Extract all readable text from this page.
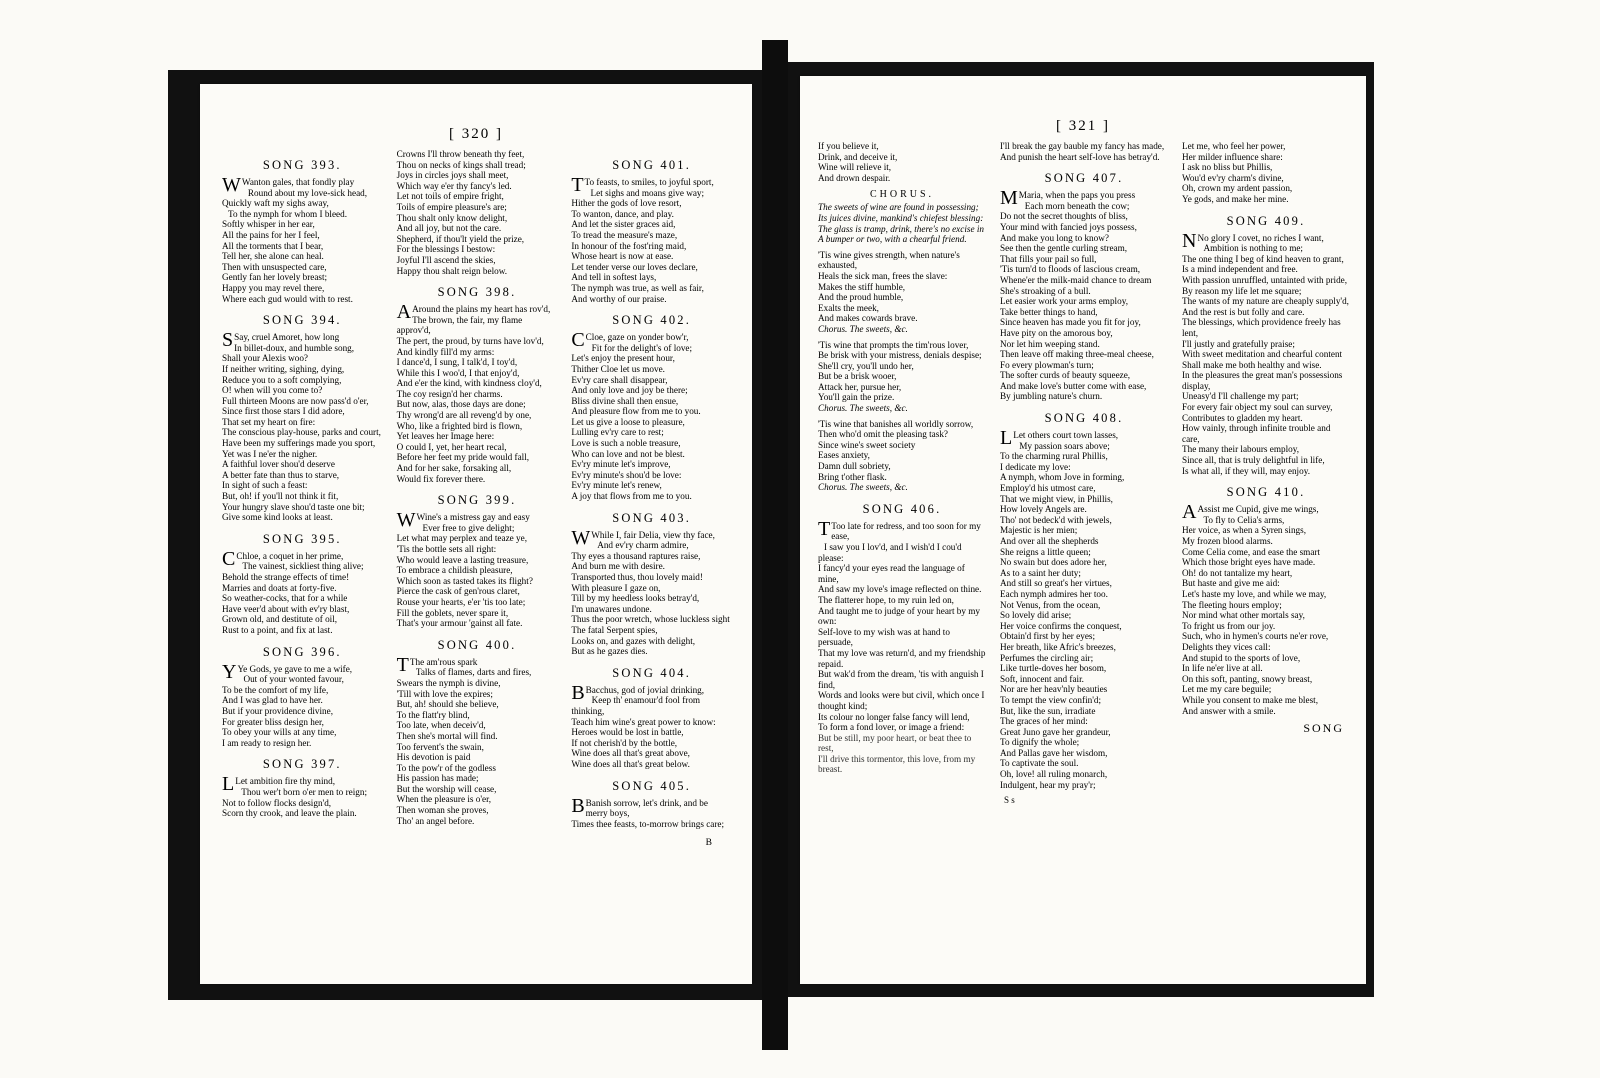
[ 320 ]
SONG 393.

W Wanton gales, that fondly play

Round about my love-sick head,

Quickly waft my sighs away,

To the nymph for whom I bleed.

Softly whisper in her ear,

All the pains for her I feel,

All the torments that I bear,

Tell her, she alone can heal.

Then with unsuspected care,

Gently fan her lovely breast;

Happy you may revel there,

Where each gud would with to rest.

SONG 394.

S Say, cruel Amoret, how long

In billet-doux, and humble song,

Shall your Alexis woo?

If neither writing, sighing, dying,

Reduce you to a soft complying,

O! when will you come to?

Full thirteen Moons are now pass'd o'er,

Since first those stars I did adore,

That set my heart on fire:

The conscious play-house, parks and court,

Have been my sufferings made you sport,

Yet was I ne'er the nigher.

A faithful lover shou'd deserve

A better fate than thus to starve,

In sight of such a feast:

But, oh! if you'll not think it fit,

Your hungry slave shou'd taste one bit;

Give some kind looks at least.

SONG 395.

C Chloe, a coquet in her prime,

The vainest, sickliest thing alive;

Behold the strange effects of time!

Marries and doats at forty-five.

So weather-cocks, that for a while

Have veer'd about with ev'ry blast,

Grown old, and destitute of oil,

Rust to a point, and fix at last.

SONG 396.

Y Ye Gods, ye gave to me a wife,

Out of your wonted favour,

To be the comfort of my life,

And I was glad to have her.

But if your providence divine,

For greater bliss design her,

To obey your wills at any time,

I am ready to resign her.

SONG 397.

L Let ambition fire thy mind,

Thou wer't born o'er men to reign;

Not to follow flocks design'd,

Scorn thy crook, and leave the plain.

Crowns I'll throw beneath thy feet,

Thou on necks of kings shall tread;

Joys in circles joys shall meet,

Which way e'er thy fancy's led.

Let not toils of empire fright,

Toils of empire pleasure's are;

Thou shalt only know delight,

And all joy, but not the care.

Shepherd, if thou'lt yield the prize,

For the blessings I bestow:

Joyful I'll ascend the skies,

Happy thou shalt reign below.

SONG 398.

A Around the plains my heart has rov'd,

The brown, the fair, my flame approv'd,

The pert, the proud, by turns have lov'd,

And kindly fill'd my arms:

I dance'd, I sung, I talk'd, I toy'd,

While this I woo'd, I that enjoy'd,

And e'er the kind, with kindness cloy'd,

The coy resign'd her charms.

But now, alas, those days are done;

Thy wrong'd are all reveng'd by one,

Who, like a frighted bird is flown,

Yet leaves her Image here:

O could I, yet, her heart recal,

Before her feet my pride would fall,

And for her sake, forsaking all,

Would fix forever there.

SONG 399.

W Wine's a mistress gay and easy

Ever free to give delight;

Let what may perplex and teaze ye,

'Tis the bottle sets all right:

Who would leave a lasting treasure,

To embrace a childish pleasure,

Which soon as tasted takes its flight?

Pierce the cask of gen'rous claret,

Rouse your hearts, e'er 'tis too late;

Fill the goblets, never spare it,

That's your armour 'gainst all fate.

SONG 400.

T The am'rous spark

Talks of flames, darts and fires,

Swears the nymph is divine,

'Till with love the expires;

But, ah! should she believe,

To the flatt'ry blind,

Too late, when deceiv'd,

Then she's mortal will find.

Too fervent's the swain,

His devotion is paid

To the pow'r of the godless

His passion has made;

But the worship will cease,

When the pleasure is o'er,

Then woman she proves,

Tho' an angel before.

SONG 401.

T To feasts, to smiles, to joyful sport,

Let sighs and moans give way;

Hither the gods of love resort,

To wanton, dance, and play.

And let the sister graces aid,

To tread the measure's maze,

In honour of the fost'ring maid,

Whose heart is now at ease.

Let tender verse our loves declare,

And tell in softest lays,

The nymph was true, as well as fair,

And worthy of our praise.

SONG 402.

C Cloe, gaze on yonder bow'r,

Fit for the delight's of love;

Let's enjoy the present hour,

Thither Cloe let us move.

Ev'ry care shall disappear,

And only love and joy be there;

Bliss divine shall then ensue,

And pleasure flow from me to you.

Let us give a loose to pleasure,

Lulling ev'ry care to rest;

Love is such a noble treasure,

Who can love and not be blest.

Ev'ry minute let's improve,

Ev'ry minute's shou'd be love:

Ev'ry minute let's renew,

A joy that flows from me to you.

SONG 403.

W While I, fair Delia, view thy face,

And ev'ry charm admire,

Thy eyes a thousand raptures raise,

And burn me with desire.

Transported thus, thou lovely maid!

With pleasure I gaze on,

Till by my heedless looks betray'd,

I'm unawares undone.

Thus the poor wretch, whose luckless sight

The fatal Serpent spies,

Looks on, and gazes with delight,

But as he gazes dies.

SONG 404.

B Bacchus, god of jovial drinking,

Keep th' enamour'd fool from thinking,

Teach him wine's great power to know:

Heroes would be lost in battle,

If not cherish'd by the bottle,

Wine does all that's great above,

Wine does all that's great below.

SONG 405.

B Banish sorrow, let's drink, and be merry boys,

Times thee feasts, to-morrow brings care;

B
[ 321 ]

If you believe it,

Drink, and deceive it,

Wine will relieve it,

And drown despair.

CHORUS.

The sweets of wine are found in possessing;

Its juices divine, mankind's chiefest blessing:

The glass is tramp, drink, there's no excise in

A bumper or two, with a chearful friend.

'Tis wine gives strength, when nature's exhausted,

Heals the sick man, frees the slave:

Makes the stiff humble,

And the proud humble,

Exalts the meek,

And makes cowards brave.

Chorus. The sweets, &c.

'Tis wine that prompts the tim'rous lover,

Be brisk with your mistress, denials despise;

She'll cry, you'll undo her,

But be a brisk wooer,

Attack her, pursue her,

You'll gain the prize.

Chorus. The sweets, &c.

'Tis wine that banishes all worldly sorrow,

Then who'd omit the pleasing task?

Since wine's sweet society

Eases anxiety,

Damn dull sobriety,

Bring t'other flask.

Chorus. The sweets, &c.

SONG 406.

T Too late for redress, and too soon for my ease,

I saw you I lov'd, and I wish'd I cou'd please:

I fancy'd your eyes read the language of mine,

And saw my love's image reflected on thine.

The flatterer hope, to my ruin led on,

And taught me to judge of your heart by my own:

Self-love to my wish was at hand to persuade,

That my love was return'd, and my friendship repaid.

But wak'd from the dream, 'tis with anguish I find,

Words and looks were but civil, which once I thought kind;

Its colour no longer false fancy will lend,

To form a fond lover, or image a friend:

But be still, my poor heart, or beat thee to rest,

I'll drive this tormentor, this love, from my breast.

I'll break the gay bauble my fancy has made,

And punish the heart self-love has betray'd.

SONG 407.

M Maria, when the paps you press

Each morn beneath the cow;

Do not the secret thoughts of bliss,

Your mind with fancied joys possess,

And make you long to know?

See then the gentle curling stream,

That fills your pail so full,

'Tis turn'd to floods of lascious cream,

Whene'er the milk-maid chance to dream

She's stroaking of a bull.

Let easier work your arms employ,

Take better things to hand,

Since heaven has made you fit for joy,

Have pity on the amorous boy,

Nor let him weeping stand.

Then leave off making three-meal cheese,

Fo every plowman's turn;

The softer curds of beauty squeeze,

And make love's butter come with ease,

By jumbling nature's churn.

SONG 408.

L Let others court town lasses,

My passion soars above;

To the charming rural Phillis,

I dedicate my love:

A nymph, whom Jove in forming,

Employ'd his utmost care,

That we might view, in Phillis,

How lovely Angels are.

Tho' not bedeck'd with jewels,

Majestic is her mien;

And over all the shepherds

She reigns a little queen;

No swain but does adore her,

As to a saint her duty;

And still so great's her virtues,

Each nymph admires her too.

Not Venus, from the ocean,

So lovely did arise;

Her voice confirms the conquest,

Obtain'd first by her eyes;

Her breath, like Afric's breezes,

Perfumes the circling air;

Like turtle-doves her bosom,

Soft, innocent and fair.

Nor are her heav'nly beauties

To tempt the view confin'd;

But, like the sun, irradiate

The graces of her mind:

Great Juno gave her grandeur,

To dignify the whole;

And Pallas gave her wisdom,

To captivate the soul.

Oh, love! all ruling monarch,

Indulgent, hear my pray'r;

S s

Let me, who feel her power,

Her milder influence share:

I ask no bliss but Phillis,

Wou'd ev'ry charm's divine,

Oh, crown my ardent passion,

Ye gods, and make her mine.

SONG 409.

N No glory I covet, no riches I want,

Ambition is nothing to me;

The one thing I beg of kind heaven to grant,

Is a mind independent and free.

With passion unruffled, untainted with pride,

By reason my life let me square;

The wants of my nature are cheaply supply'd,

And the rest is but folly and care.

The blessings, which providence freely has lent,

I'll justly and gratefully praise;

With sweet meditation and chearful content

Shall make me both healthy and wise.

In the pleasures the great man's possessions display,

Uneasy'd I'll challenge my part;

For every fair object my soul can survey,

Contributes to gladden my heart.

How vainly, through infinite trouble and care,

The many their labours employ,

Since all, that is truly delightful in life,

Is what all, if they will, may enjoy.

SONG 410.

A Assist me Cupid, give me wings,

To fly to Celia's arms,

Her voice, as when a Syren sings,

My frozen blood alarms.

Come Celia come, and ease the smart

Which those bright eyes have made.

Oh! do not tantalize my heart,

But haste and give me aid:

Let's haste my love, and while we may,

The fleeting hours employ;

Nor mind what other mortals say,

To fright us from our joy.

Such, who in hymen's courts ne'er rove,

Delights they vices call:

And stupid to the sports of love,

In life ne'er live at all.

On this soft, panting, snowy breast,

Let me my care beguile;

While you consent to make me blest,

And answer with a smile.

SONG
